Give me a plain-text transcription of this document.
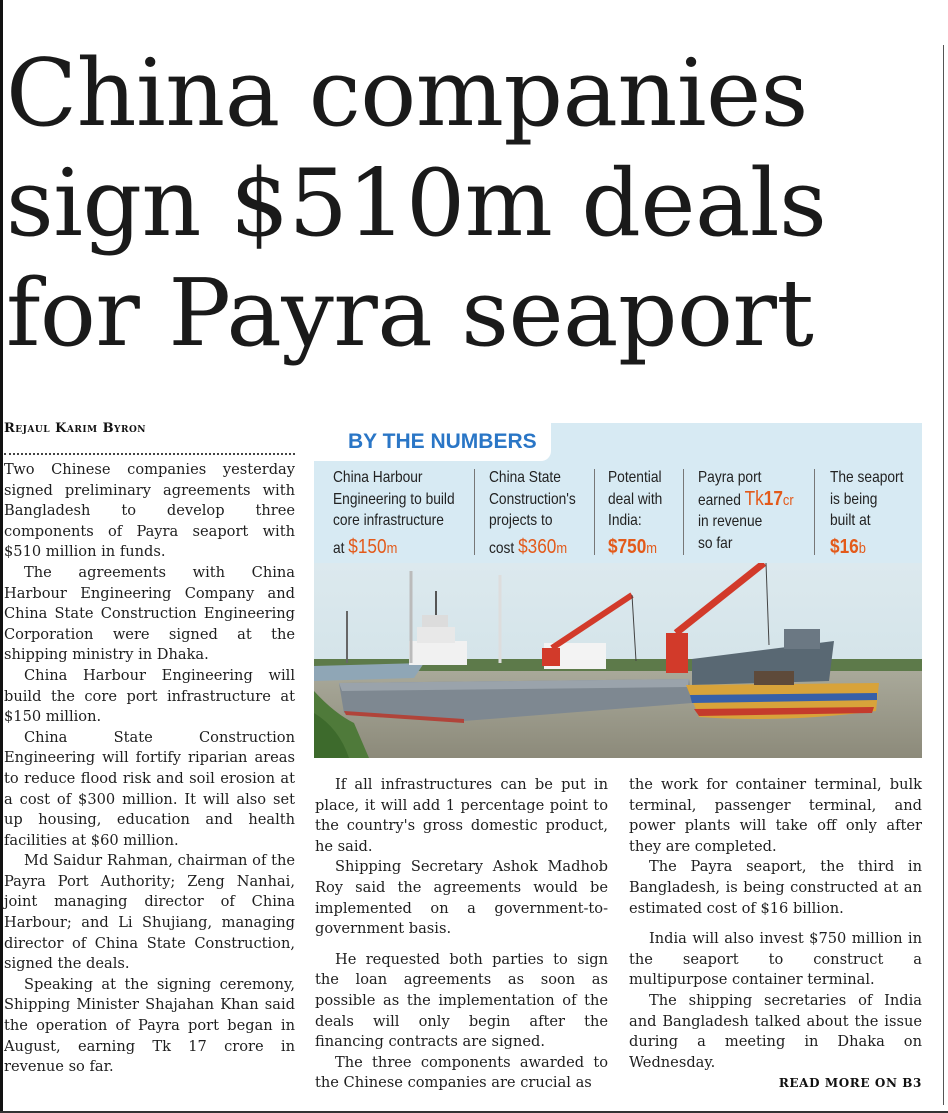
China companies
sign $510m deals
for Payra seaport
Rejaul Karim Byron

Two Chinese companies yesterday signed preliminary agreements with Bangladesh to develop three components of Payra seaport with $510 million in funds.

The agreements with China Harbour Engineering Company and China State Construction Engineering Corporation were signed at the shipping ministry in Dhaka.

China Harbour Engineering will build the core port infrastructure at $150 million.

China State Construction Engineering will fortify riparian areas to reduce flood risk and soil erosion at a cost of $300 million. It will also set up housing, education and health facilities at $60 million.

Md Saidur Rahman, chairman of the Payra Port Authority; Zeng Nanhai, joint managing director of China Harbour; and Li Shujiang, managing director of China State Construction, signed the deals.

Speaking at the signing ceremony, Shipping Minister Shajahan Khan said the operation of Payra port began in August, earning Tk 17 crore in revenue so far.

BY THE NUMBERS
China Harbour
Engineering to build
core infrastructure
at $150m
China State
Construction's
projects to
cost $360m
Potential
deal with
India:
$750m
Payra port
earned Tk17cr
in revenue
so far
The seaport
is being
built at
$16b

If all infrastructures can be put in place, it will add 1 percentage point to the country's gross domestic product, he said.

Shipping Secretary Ashok Madhob Roy said the agreements would be implemented on a government-to-government basis.

He requested both parties to sign the loan agreements as soon as possible as the implementation of the deals will only begin after the financing contracts are signed.

The three components awarded to the Chinese companies are crucial as

the work for container terminal, bulk terminal, passenger terminal, and power plants will take off only after they are completed.

The Payra seaport, the third in Bangladesh, is being constructed at an estimated cost of $16 billion.

India will also invest $750 million in the seaport to construct a multipurpose container terminal.

The shipping secretaries of India and Bangladesh talked about the issue during a meeting in Dhaka on Wednesday.

READ MORE ON B3
